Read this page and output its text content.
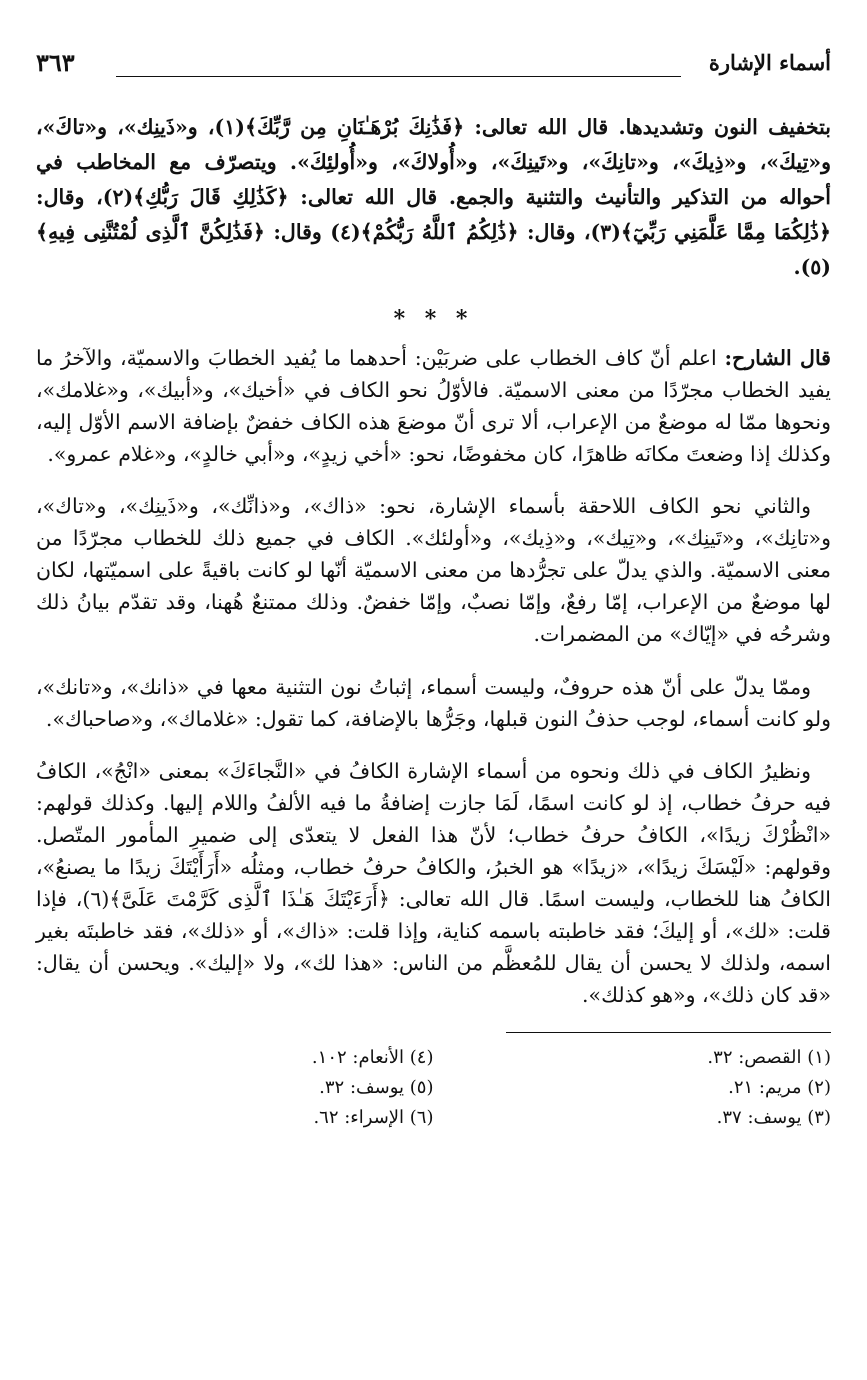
أسماء الإشارة
٣٦٣

بتخفيف النون وتشديدها. قال الله تعالى: ﴿فَذَٰنِكَ بُرْهَـٰنَانِ مِن رَّبِّكَ﴾(١)، و«ذَينِك»، و«تاكَ»، و«تِيكَ»، و«ذِيكَ»، و«تانِكَ»، و«تَينِكَ»، و«أُولاكَ»، و«أُولئِكَ». ويتصرّف مع المخاطب في أحواله من التذكير والتأنيث والتثنية والجمع. قال الله تعالى: ﴿كَذَٰلِكِ قَالَ رَبُّكِ﴾(٢)، وقال: ﴿ذَٰلِكُمَا مِمَّا عَلَّمَنِي رَبِّيٓ﴾(٣)، وقال: ﴿ذَٰلِكُمُ ٱللَّهُ رَبُّكُمْ﴾(٤) وقال: ﴿فَذَٰلِكُنَّ ٱلَّذِى لُمْتُنَّنِى فِيهِ﴾(٥).

* * *

قال الشارح: اعلم أنّ كاف الخطاب على ضربَيْن: أحدهما ما يُفيد الخطابَ والاسميّة، والآخرُ ما يفيد الخطاب مجرّدًا من معنى الاسميّة. فالأوّلُ نحو الكاف في «أخيك»، و«أبيك»، و«غلامك»، ونحوها ممّا له موضعٌ من الإعراب، ألا ترى أنّ موضعَ هذه الكاف خفضٌ بإضافة الاسم الأوّل إليه، وكذلك إذا وضعتَ مكانَه ظاهرًا، كان مخفوضًا، نحو: «أخي زيدٍ»، و«أبي خالدٍ»، و«غلام عمرو».

والثاني نحو الكاف اللاحقة بأسماء الإشارة، نحو: «ذاك»، و«ذانِّك»، و«ذَينِك»، و«تاك»، و«تانِك»، و«تَينِك»، و«تِيك»، و«ذِيك»، و«أولئك». الكاف في جميع ذلك للخطاب مجرّدًا من معنى الاسميّة. والذي يدلّ على تجرُّدها من معنى الاسميّة أنّها لو كانت باقيةً على اسميّتها، لكان لها موضعٌ من الإعراب، إمّا رفعٌ، وإمّا نصبٌ، وإمّا خفضٌ. وذلك ممتنعٌ هُهنا، وقد تقدّم بيانُ ذلك وشرحُه في «إيّاك» من المضمرات.

وممّا يدلّ على أنّ هذه حروفٌ، وليست أسماء، إثباتُ نون التثنية معها في «ذانك»، و«تانك»، ولو كانت أسماء، لوجب حذفُ النون قبلها، وجَرُّها بالإضافة، كما تقول: «غلاماك»، و«صاحباك».

ونظيرُ الكاف في ذلك ونحوه من أسماء الإشارة الكافُ في «النَّجاءَكَ» بمعنى «انْجُ»، الكافُ فيه حرفُ خطاب، إذ لو كانت اسمًا، لَمَا جازت إضافةُ ما فيه الألفُ واللام إليها. وكذلك قولهم: «انْظُرْكَ زيدًا»، الكافُ حرفُ خطاب؛ لأنّ هذا الفعل لا يتعدّى إلى ضميرِ المأمور المتّصل. وقولهم: «لَيْسَكَ زيدًا»، «زيدًا» هو الخبرُ، والكافُ حرفُ خطاب، ومثلُه «أَرَأَيْتَكَ زيدًا ما يصنعُ»، الكافُ هنا للخطاب، وليست اسمًا. قال الله تعالى: ﴿أَرَءَيْتَكَ هَـٰذَا ٱلَّذِى كَرَّمْتَ عَلَىَّ﴾(٦)، فإذا قلت: «لك»، أو إليكَ؛ فقد خاطبته باسمه كناية، وإذا قلت: «ذاك»، أو «ذلك»، فقد خاطبتَه بغير اسمه، ولذلك لا يحسن أن يقال للمُعظَّم من الناس: «هذا لك»، ولا «إليك». ويحسن أن يقال: «قد كان ذلك»، و«هو كذلك».

(١) القصص: ٣٢.
(٢) مريم: ٢١.
(٣) يوسف: ٣٧.
(٤) الأنعام: ١٠٢.
(٥) يوسف: ٣٢.
(٦) الإسراء: ٦٢.
